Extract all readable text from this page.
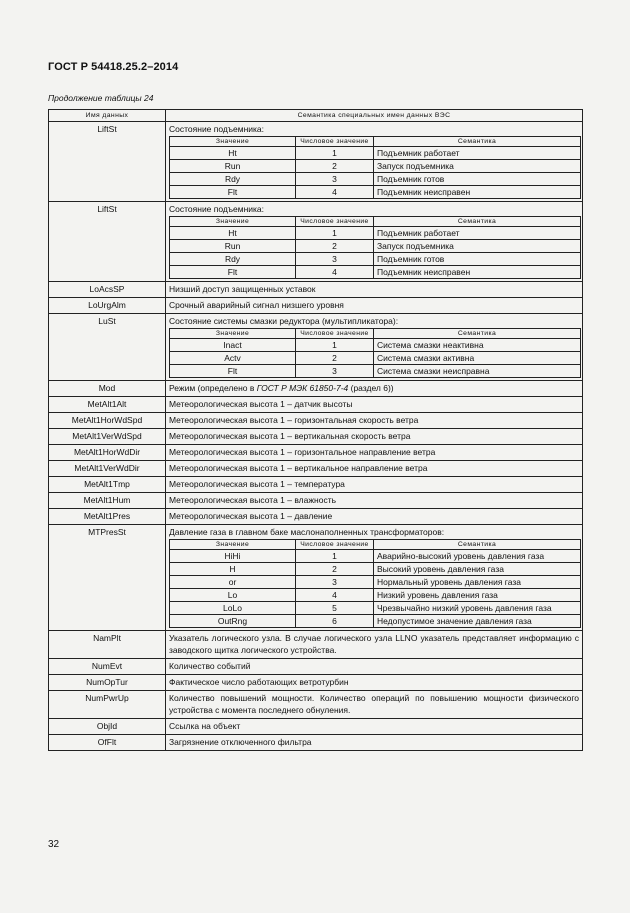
ГОСТ Р 54418.25.2–2014
Продолжение таблицы 24
Имя данных	Семантика специальных имен данных ВЭС
LiftSt	Состояние подъемника:
Значение	Числовое значение	Семантика
Ht	1	Подъемник работает
Run	2	Запуск подъемника
Rdy	3	Подъемник готов
Flt	4	Подъемник неисправен

LiftSt	Состояние подъемника:
Значение	Числовое значение	Семантика
Ht	1	Подъемник работает
Run	2	Запуск подъемника
Rdy	3	Подъемник готов
Flt	4	Подъемник неисправен

LoAcsSP	Низший доступ защищенных уставок

LoUrgAlm	Срочный аварийный сигнал низшего уровня

LuSt	Состояние системы смазки редуктора (мультипликатора):
Значение	Числовое значение	Семантика
Inact	1	Система смазки неактивна
Actv	2	Система смазки активна
Flt	3	Система смазки неисправна

Mod	Режим (определено в ГОСТ Р МЭК 61850-7-4 (раздел 6))
MetAlt1Alt	Метеорологическая высота 1 – датчик высоты

MetAlt1HorWdSpd	Метеорологическая высота 1 – горизонтальная скорость ветра

MetAlt1VerWdSpd	Метеорологическая высота 1 – вертикальная скорость ветра

MetAlt1HorWdDir	Метеорологическая высота 1 – горизонтальное направление ветра

MetAlt1VerWdDir	Метеорологическая высота 1 – вертикальное направление ветра

MetAlt1Tmp	Метеорологическая высота 1 – температура

MetAlt1Hum	Метеорологическая высота 1 – влажность

MetAlt1Pres	Метеорологическая высота 1 – давление

MTPresSt	Давление газа в главном баке маслонаполненных трансформаторов:
Значение	Числовое значение	Семантика
HiHi	1	Аварийно-высокий уровень давления газа
H	2	Высокий уровень давления газа
or	3	Нормальный уровень давления газа
Lo	4	Низкий уровень давления газа
LoLo	5	Чрезвычайно низкий уровень давления газа
OutRng	6	Недопустимое значение давления газа

NamPlt	Указатель логического узла. В случае логического узла LLNO указатель представляет информацию с заводского щитка логического устройства.

NumEvt	Количество событий

NumOpTur	Фактическое число работающих ветротурбин

NumPwrUp	Количество повышений мощности. Количество операций по повышению мощности физического устройства с момента последнего обнуления.

ObjId	Ссылка на объект

OfFlt	Загрязнение отключенного фильтра
32
